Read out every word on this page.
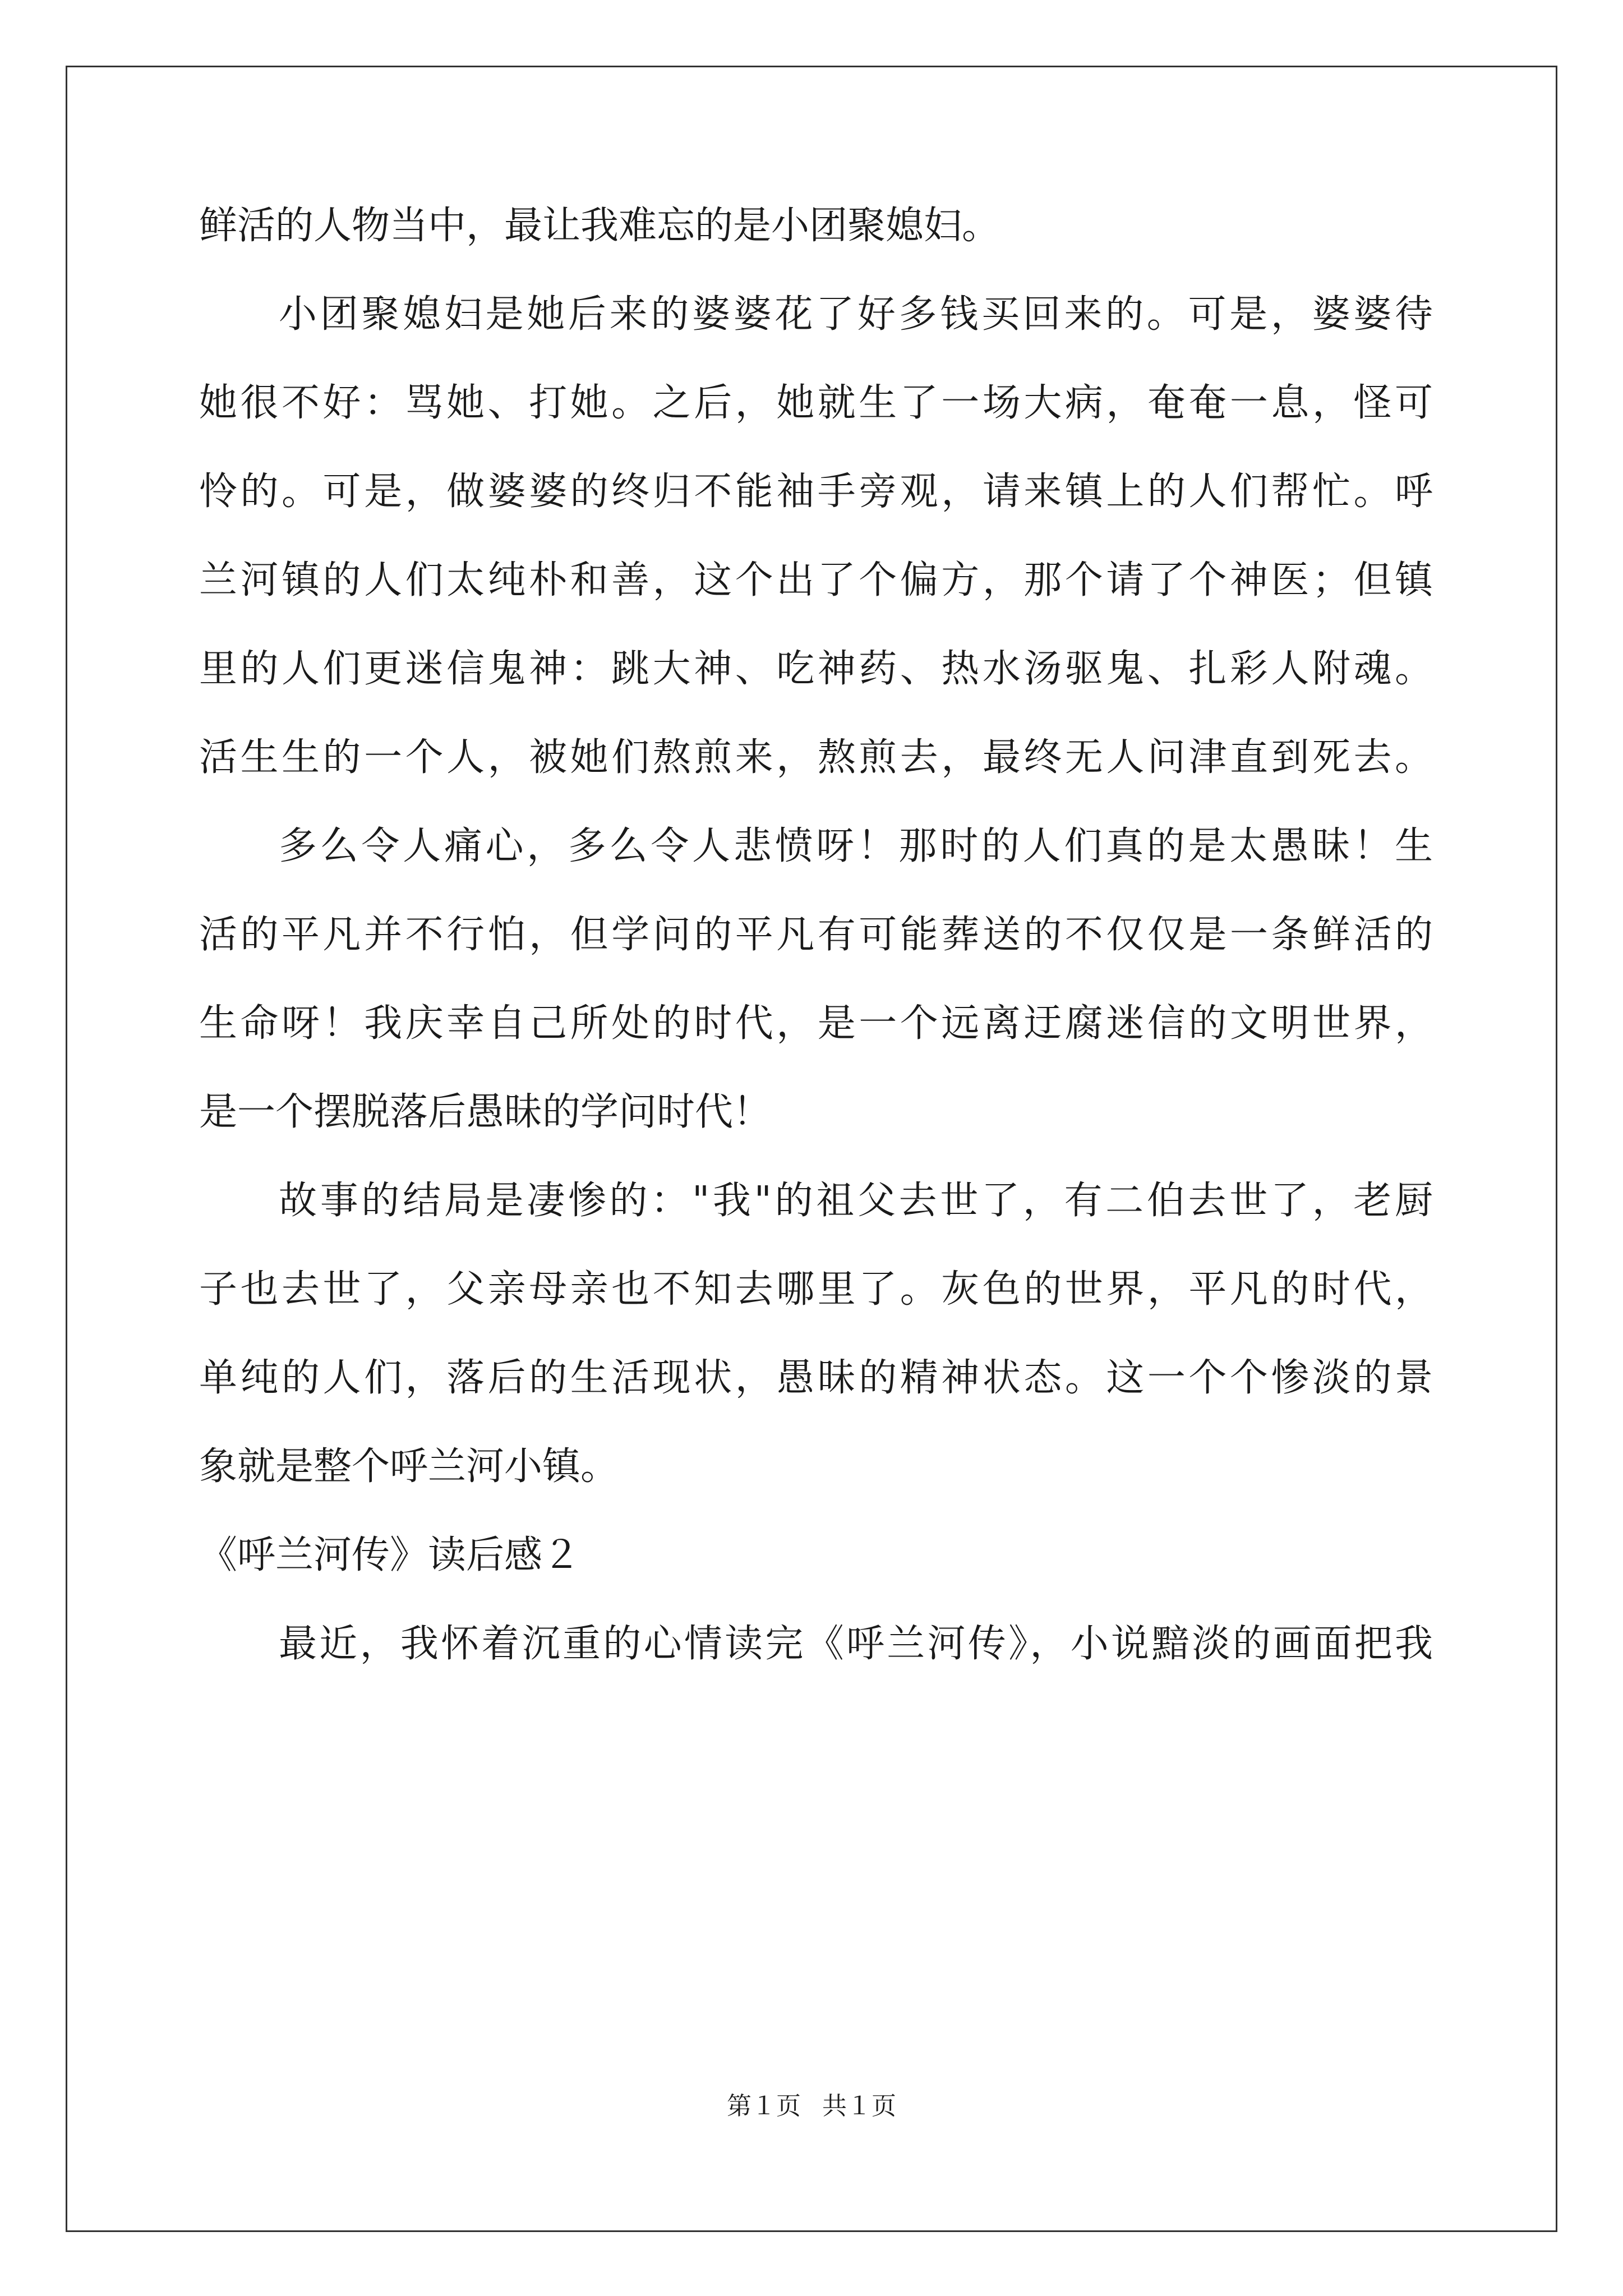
鲜活的人物当中，最让我难忘的是小团聚媳妇。
小团聚媳妇是她后来的婆婆花了好多钱买回来的。可是，婆婆待
她很不好：骂她、打她。之后，她就生了一场大病，奄奄一息，怪可
怜的。可是，做婆婆的终归不能袖手旁观，请来镇上的人们帮忙。呼
兰河镇的人们太纯朴和善，这个出了个偏方，那个请了个神医；但镇
里的人们更迷信鬼神：跳大神、吃神药、热水汤驱鬼、扎彩人附魂。
活生生的一个人，被她们熬煎来，熬煎去，最终无人问津直到死去。
多么令人痛心，多么令人悲愤呀！那时的人们真的是太愚昧！生
活的平凡并不行怕，但学问的平凡有可能葬送的不仅仅是一条鲜活的
生命呀！我庆幸自己所处的时代，是一个远离迂腐迷信的文明世界，
是一个摆脱落后愚昧的学问时代！
故事的结局是凄惨的："我"的祖父去世了，有二伯去世了，老厨
子也去世了，父亲母亲也不知去哪里了。灰色的世界，平凡的时代，
单纯的人们，落后的生活现状，愚昧的精神状态。这一个个惨淡的景
象就是整个呼兰河小镇。
《呼兰河传》读后感２
最近，我怀着沉重的心情读完《呼兰河传》，小说黯淡的画面把我
第１页 共１页
